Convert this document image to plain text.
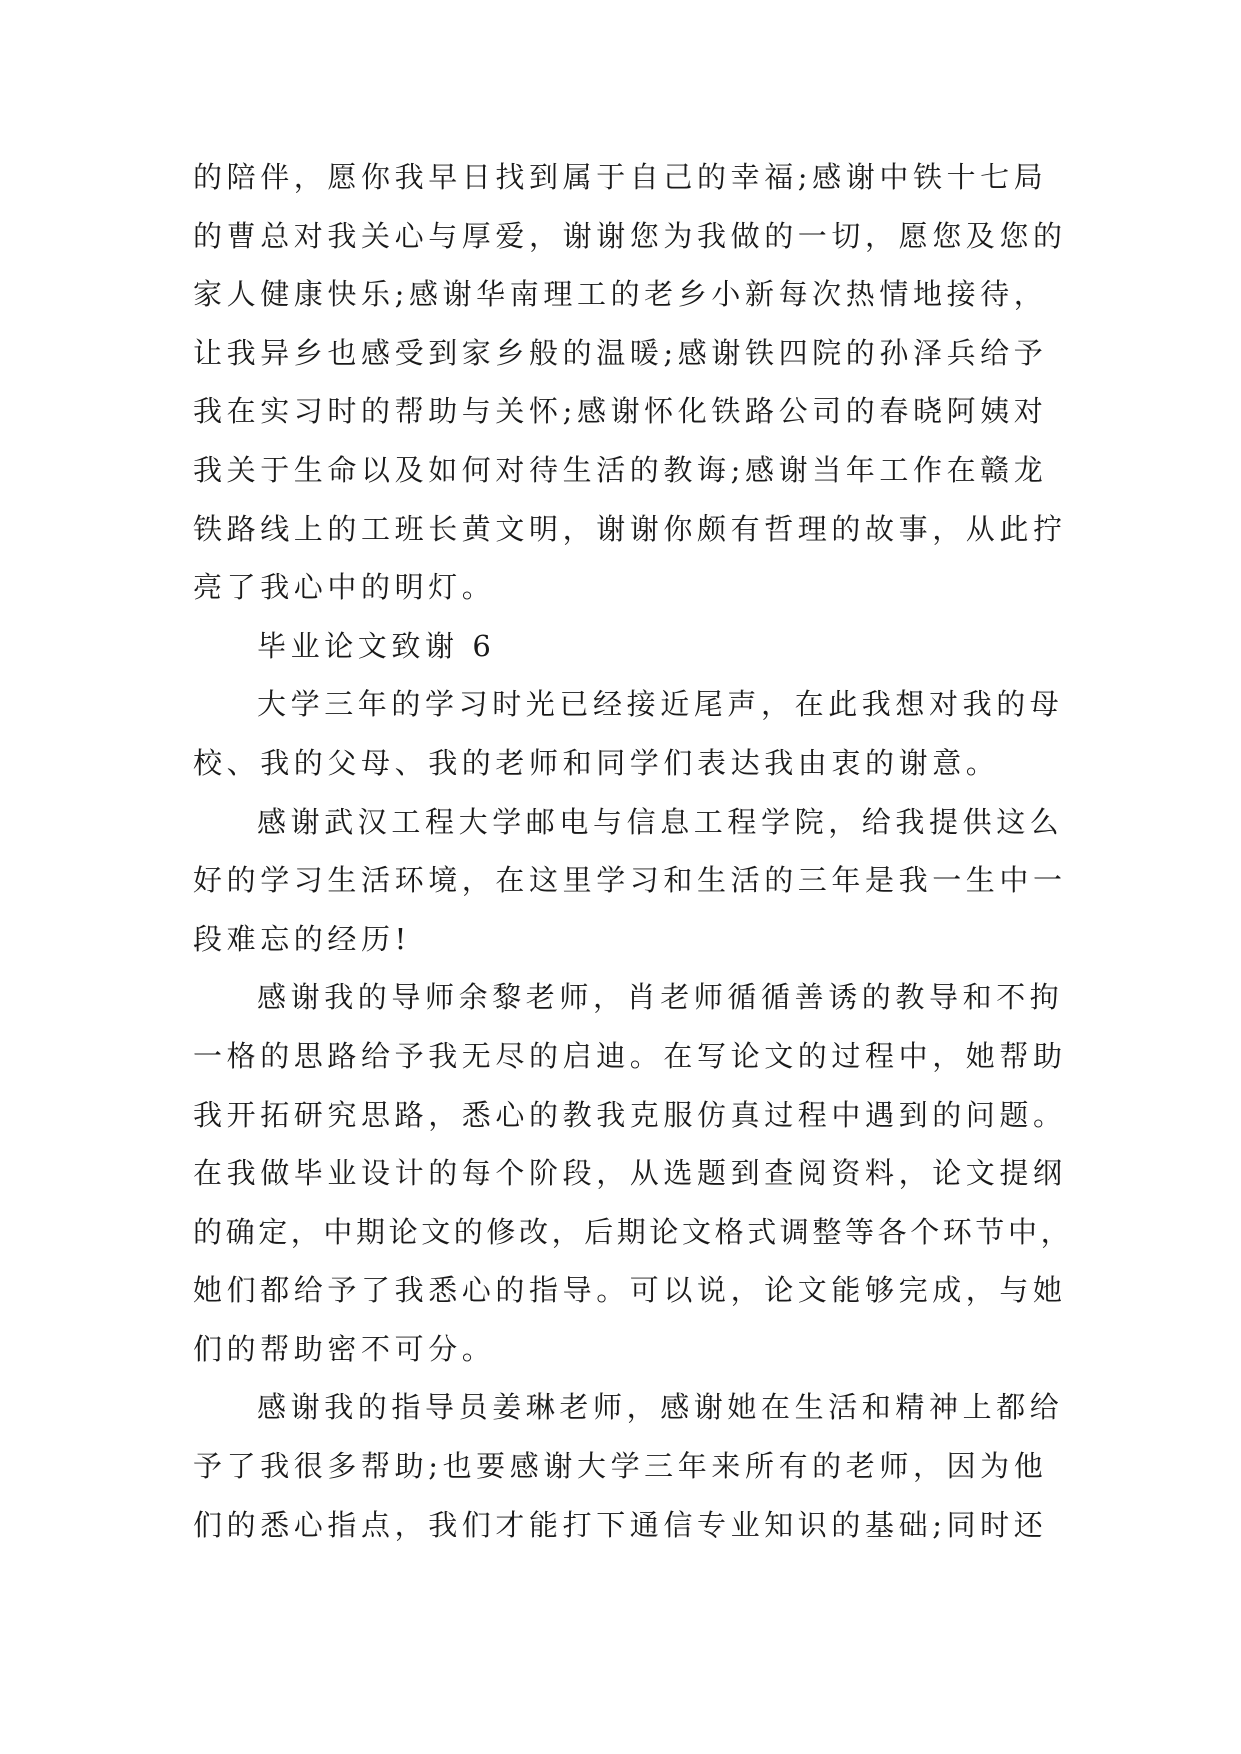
的陪伴，愿你我早日找到属于自己的幸福;感谢中铁十七局
的曹总对我关心与厚爱，谢谢您为我做的一切，愿您及您的
家人健康快乐;感谢华南理工的老乡小新每次热情地接待，
让我异乡也感受到家乡般的温暖;感谢铁四院的孙泽兵给予
我在实习时的帮助与关怀;感谢怀化铁路公司的春晓阿姨对
我关于生命以及如何对待生活的教诲;感谢当年工作在赣龙
铁路线上的工班长黄文明，谢谢你颇有哲理的故事，从此拧
亮了我心中的明灯。
毕业论文致谢 6
大学三年的学习时光已经接近尾声，在此我想对我的母
校、我的父母、我的老师和同学们表达我由衷的谢意。
感谢武汉工程大学邮电与信息工程学院，给我提供这么
好的学习生活环境，在这里学习和生活的三年是我一生中一
段难忘的经历!
感谢我的导师余黎老师，肖老师循循善诱的教导和不拘
一格的思路给予我无尽的启迪。在写论文的过程中，她帮助
我开拓研究思路，悉心的教我克服仿真过程中遇到的问题。
在我做毕业设计的每个阶段，从选题到查阅资料，论文提纲
的确定，中期论文的修改，后期论文格式调整等各个环节中，
她们都给予了我悉心的指导。可以说，论文能够完成，与她
们的帮助密不可分。
感谢我的指导员姜琳老师，感谢她在生活和精神上都给
予了我很多帮助;也要感谢大学三年来所有的老师，因为他
们的悉心指点，我们才能打下通信专业知识的基础;同时还
